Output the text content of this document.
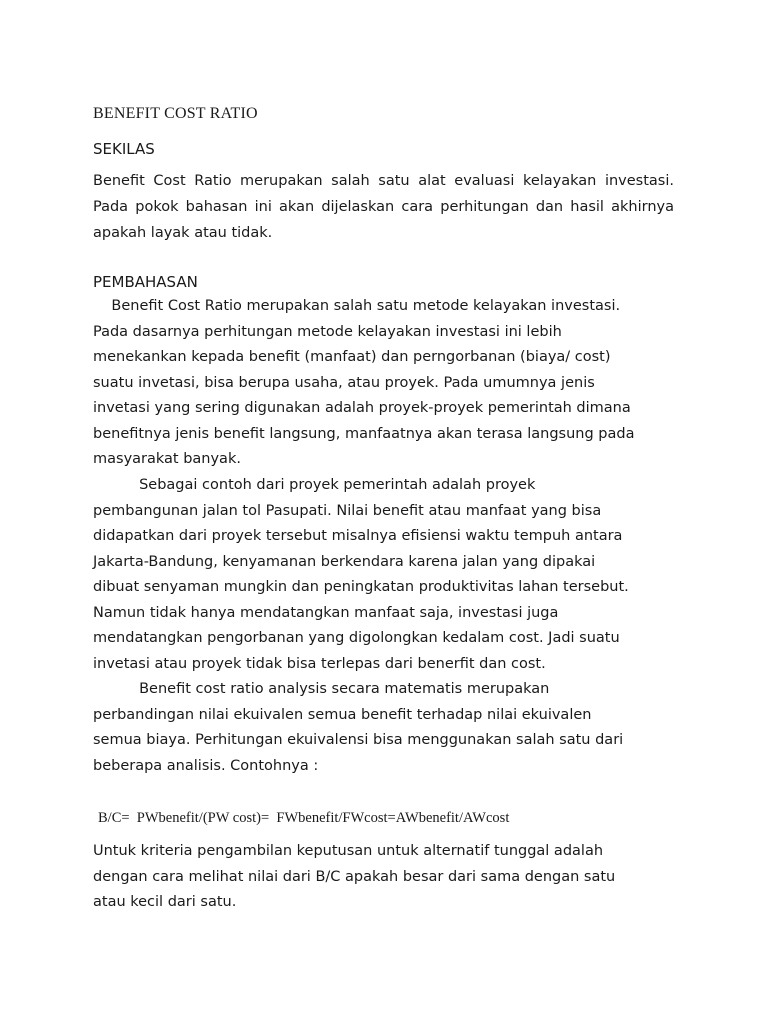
BENEFIT COST RATIO
SEKILAS

Benefit Cost Ratio merupakan salah satu alat evaluasi kelayakan investasi. Pada pokok bahasan ini akan dijelaskan cara perhitungan dan hasil akhirnya apakah layak atau tidak.

PEMBAHASAN
Benefit Cost Ratio merupakan salah satu metode kelayakan investasi.
Pada dasarnya perhitungan metode kelayakan investasi ini lebih
menekankan kepada benefit (manfaat) dan perngorbanan (biaya/ cost)
suatu invetasi, bisa berupa usaha, atau proyek. Pada umumnya jenis
invetasi yang sering digunakan adalah proyek-proyek pemerintah dimana
benefitnya jenis benefit langsung, manfaatnya akan terasa langsung pada
masyarakat banyak.
Sebagai contoh dari proyek pemerintah adalah proyek
pembangunan jalan tol Pasupati. Nilai benefit atau manfaat yang bisa
didapatkan dari proyek tersebut misalnya efisiensi waktu tempuh antara
Jakarta-Bandung, kenyamanan berkendara karena jalan yang dipakai
dibuat senyaman mungkin dan peningkatan produktivitas lahan tersebut.
Namun tidak hanya mendatangkan manfaat saja, investasi juga
mendatangkan pengorbanan yang digolongkan kedalam cost. Jadi suatu
invetasi atau proyek tidak bisa terlepas dari benerfit dan cost.
Benefit cost ratio analysis secara matematis merupakan
perbandingan nilai ekuivalen semua benefit terhadap nilai ekuivalen
semua biaya. Perhitungan ekuivalensi bisa menggunakan salah satu dari
beberapa analisis. Contohnya :
B/C=  PWbenefit/(PW cost)=  FWbenefit/FWcost=AWbenefit/AWcost
Untuk kriteria pengambilan keputusan untuk alternatif tunggal adalah
dengan cara melihat nilai dari B/C apakah besar dari sama dengan satu
atau kecil dari satu.
